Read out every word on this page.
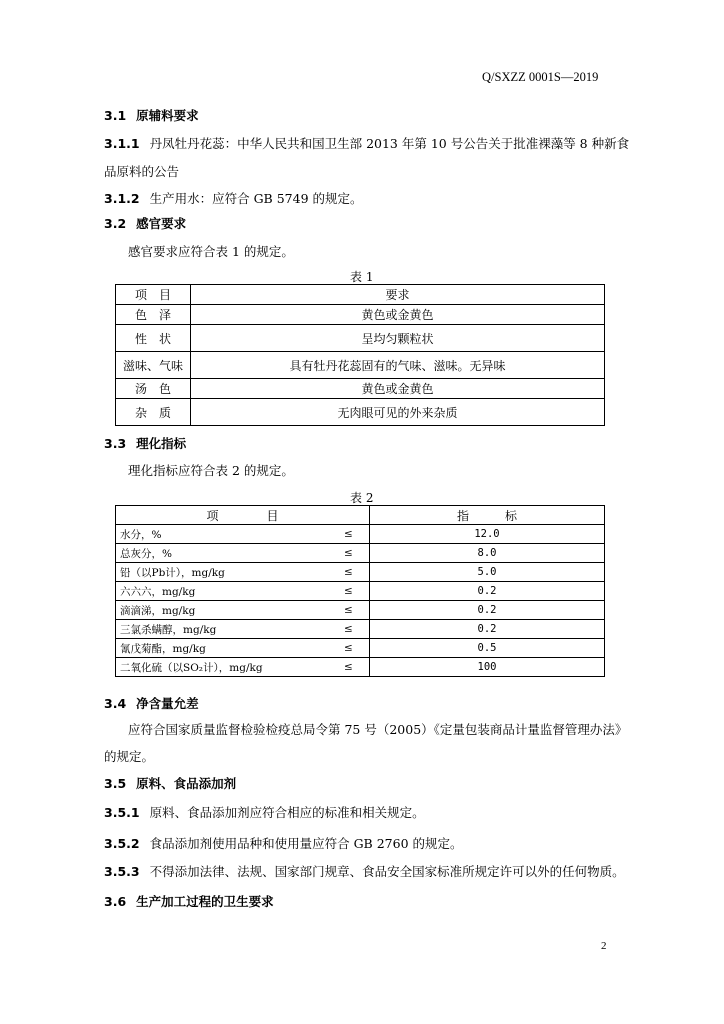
Q/SXZZ 0001S—2019
3.1 原辅料要求
3.1.1 丹凤牡丹花蕊：中华人民共和国卫生部 2013 年第 10 号公告关于批准裸藻等 8 种新食
品原料的公告
3.1.2 生产用水：应符合 GB 5749 的规定。
3.2 感官要求
感官要求应符合表 1 的规定。
表 1
项　目	要求
色　泽	黄色或金黄色
性　状	呈均匀颗粒状
滋味、气味	具有牡丹花蕊固有的气味、滋味。无异味
汤　色	黄色或金黄色
杂　质	无肉眼可见的外来杂质
3.3 理化指标
理化指标应符合表 2 的规定。
表 2
项　　　　目		指　　　标
水分，%	≤	12.0
总灰分，%	≤	8.0
铅（以Pb计），mg/kg	≤	5.0
六六六，mg/kg	≤	0.2
滴滴涕，mg/kg	≤	0.2
三氯杀螨醇，mg/kg	≤	0.2
氰戊菊酯，mg/kg	≤	0.5
二氧化硫（以SO₂计），mg/kg	≤	100
3.4 净含量允差
应符合国家质量监督检验检疫总局令第 75 号（2005）《定量包装商品计量监督管理办法》
的规定。
3.5 原料、食品添加剂
3.5.1 原料、食品添加剂应符合相应的标准和相关规定。
3.5.2 食品添加剂使用品种和使用量应符合 GB 2760 的规定。
3.5.3 不得添加法律、法规、国家部门规章、食品安全国家标准所规定许可以外的任何物质。
3.6 生产加工过程的卫生要求
2
